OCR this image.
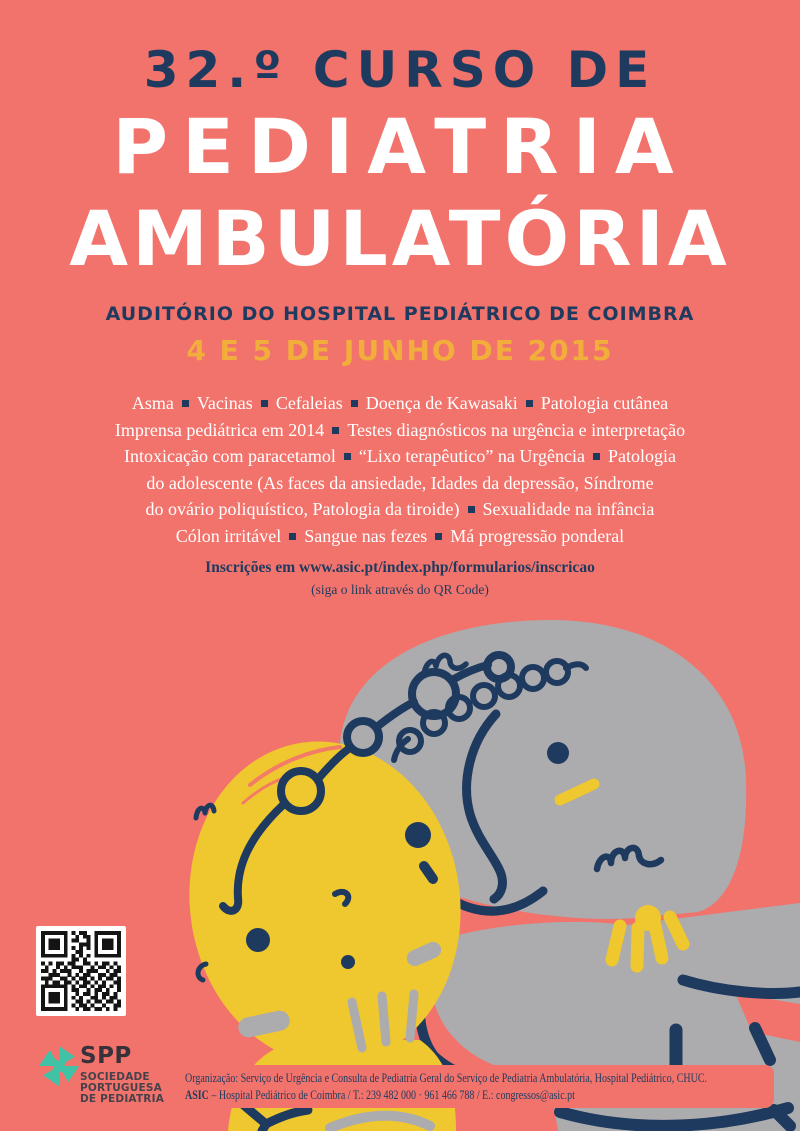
32.º CURSO DE
PEDIATRIA
AMBULATÓRIA
AUDITÓRIO DO HOSPITAL PEDIÁTRICO DE COIMBRA
4 E 5 DE JUNHO DE 2015
Asma Vacinas Cefaleias Doença de Kawasaki Patologia cutânea
Imprensa pediátrica em 2014 Testes diagnósticos na urgência e interpretação
Intoxicação com paracetamol “Lixo terapêutico” na Urgência Patologia
do adolescente (As faces da ansiedade, Idades da depressão, Síndrome
do ovário poliquístico, Patologia da tiroide) Sexualidade na infância
Cólon irritável Sangue nas fezes Má progressão ponderal
Inscrições em www.asic.pt/index.php/formularios/inscricao
(siga o link através do QR Code)
SPP
SOCIEDADE
PORTUGUESA
DE PEDIATRIA
Organização: Serviço de Urgência e Consulta de Pediatria Geral do Serviço de Pediatria Ambulatória, Hospital Pediátrico, CHUC.
ASIC – Hospital Pediátrico de Coimbra / T.: 239 482 000 · 961 466 788 / E.: congressos@asic.pt
